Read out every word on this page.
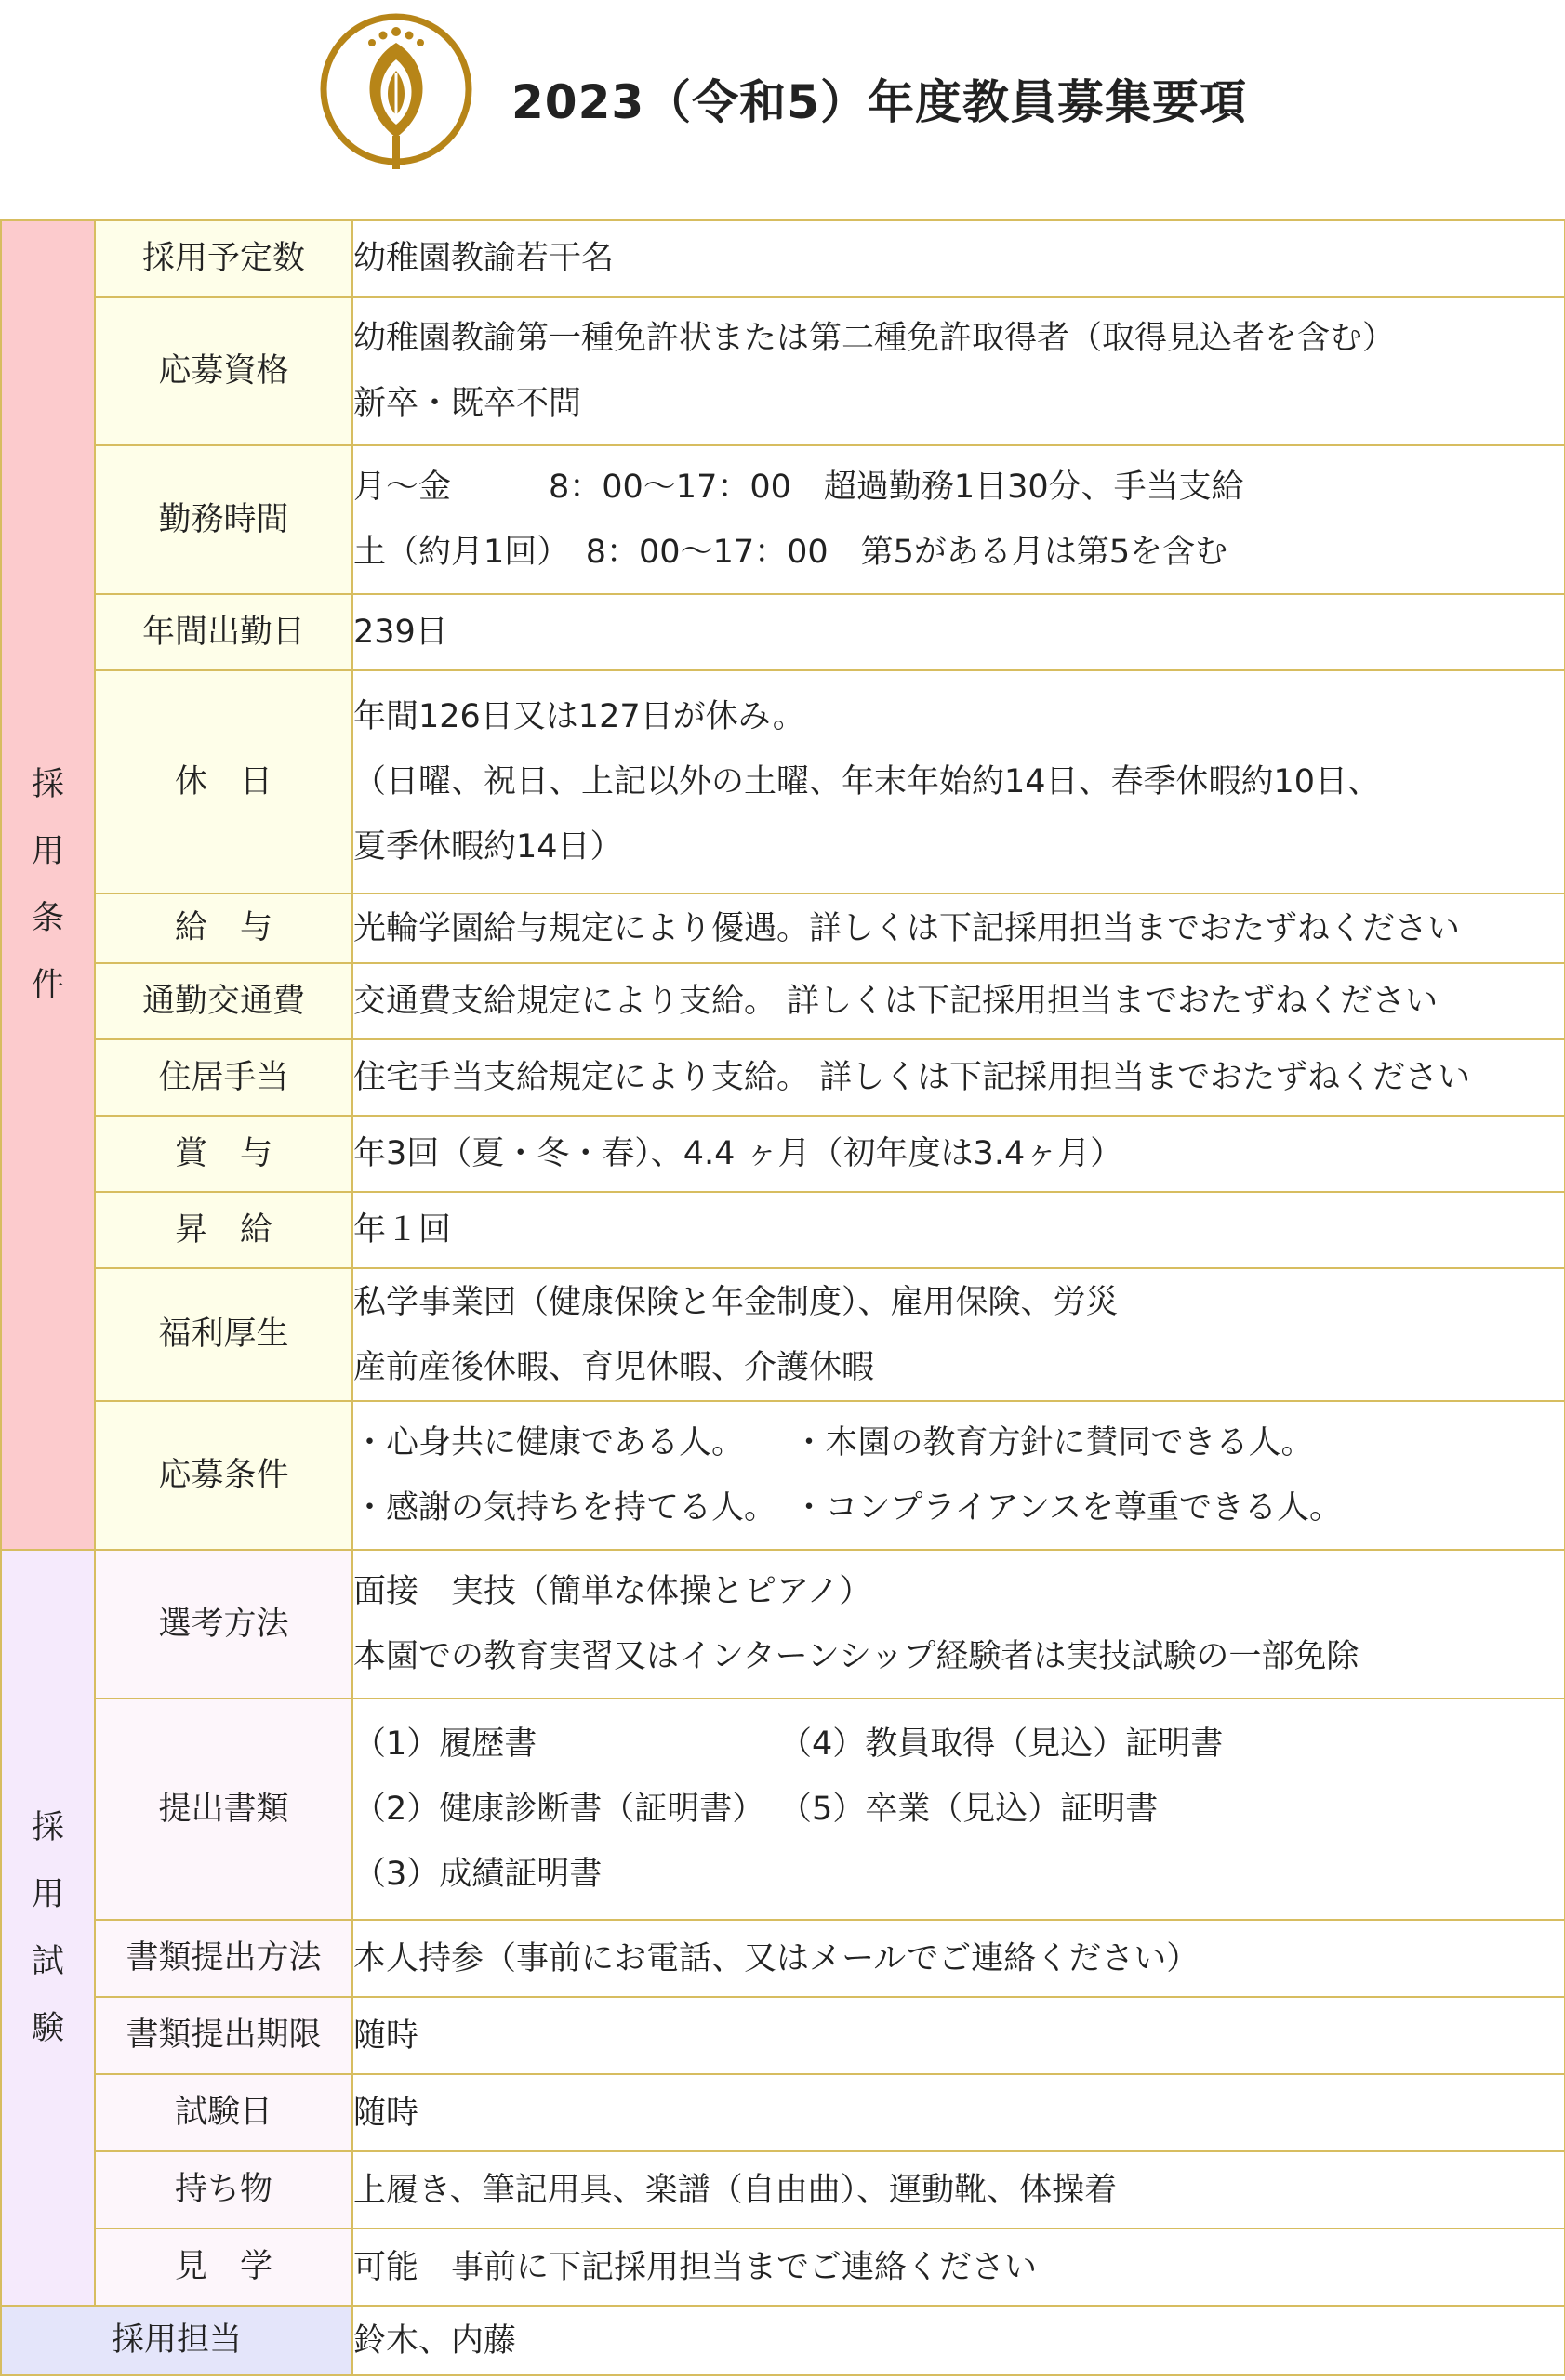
2023（令和5）年度教員募集要項
採
用
条
件	採用予定数	幼稚園教諭若干名

	応募資格	幼稚園教諭第一種免許状または第二種免許取得者（取得見込者を含む）
新卒・既卒不問

	勤務時間	月～金　　　8：00～17：00　超過勤務1日30分、手当支給
土（約月1回）　8：00～17：00　第5がある月は第5を含む

	年間出勤日	239日

	休　日	年間126日又は127日が休み。
（日曜、祝日、上記以外の土曜、年末年始約14日、春季休暇約10日、
夏季休暇約14日）

	給　与	光輪学園給与規定により優遇。詳しくは下記採用担当までおたずねください

	通勤交通費	交通費支給規定により支給。 詳しくは下記採用担当までおたずねください

	住居手当	住宅手当支給規定により支給。 詳しくは下記採用担当までおたずねください

	賞　与	年3回（夏・冬・春）、4.4 ヶ月（初年度は3.4ヶ月）

	昇　給	年１回

	福利厚生	私学事業団（健康保険と年金制度）、雇用保険、労災
産前産後休暇、育児休暇、介護休暇

	応募条件	・心身共に健康である人。　　・本園の教育方針に賛同できる人。
・感謝の気持ちを持てる人。　・コンプライアンスを尊重できる人。

採
用
試
験	選考方法	面接　実技（簡単な体操とピアノ）
本園での教育実習又はインターンシップ経験者は実技試験の一部免除

	提出書類	（1）履歴書 （4）教員取得（見込）証明書
（2）健康診断書（証明書） （5）卒業（見込）証明書
（3）成績証明書

	書類提出方法	本人持参（事前にお電話、又はメールでご連絡ください）

	書類提出期限	随時

	試験日	随時

	持ち物	上履き、筆記用具、楽譜（自由曲）、運動靴、体操着

	見　学	可能　事前に下記採用担当までご連絡ください

採用担当		鈴木、内藤
